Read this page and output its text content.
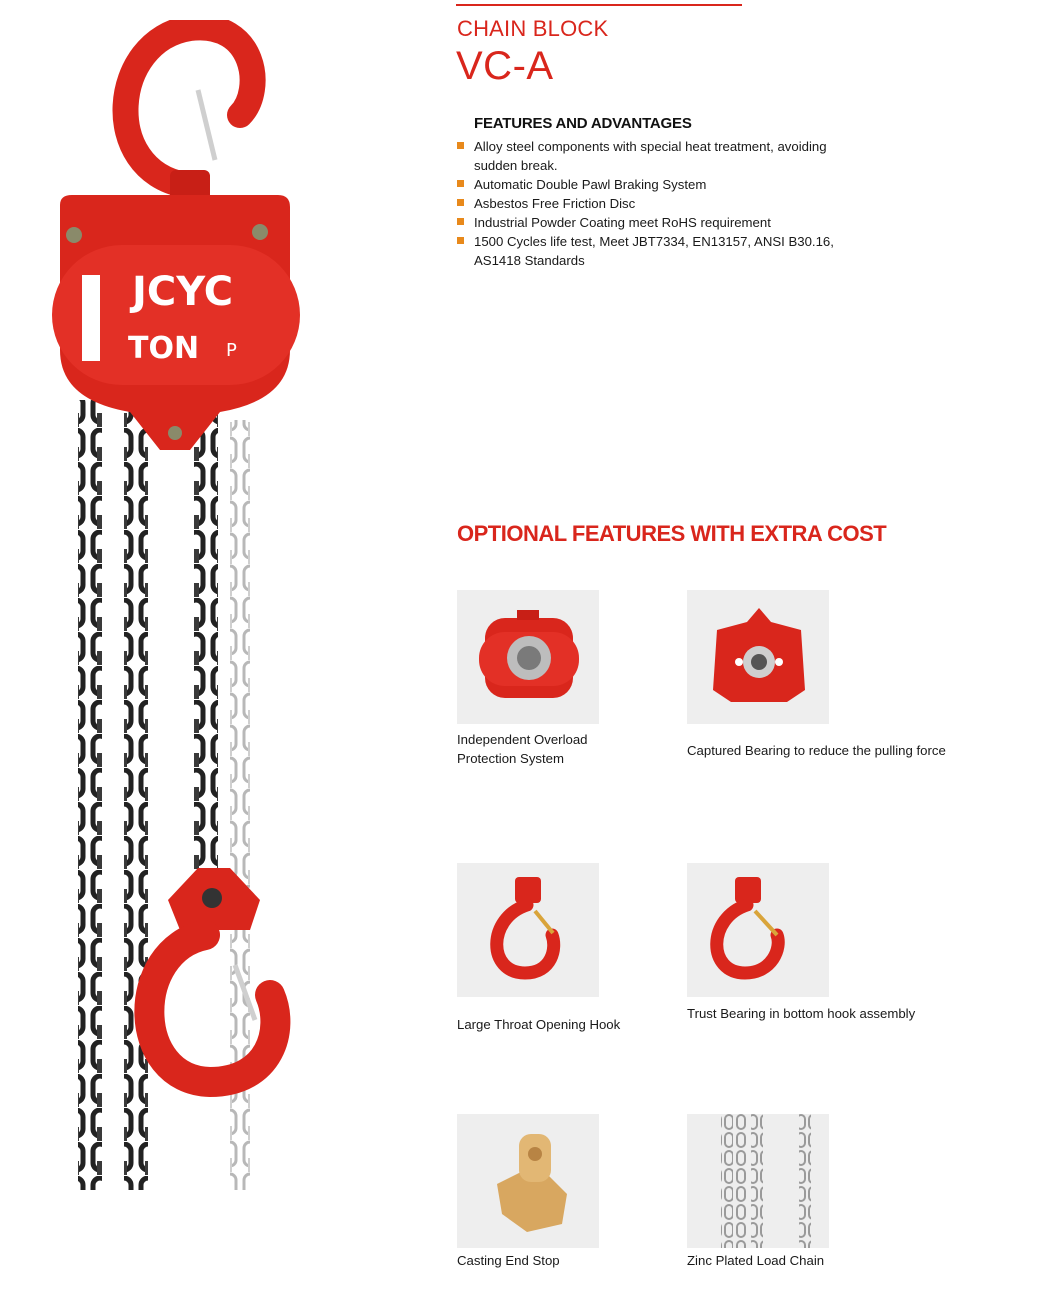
JCYC
TON P
CHAIN BLOCK
VC-A
FEATURES AND ADVANTAGES
Alloy steel components with special heat treatment, avoiding
sudden break.
Automatic Double Pawl Braking System
Asbestos Free Friction Disc
Industrial Powder Coating meet RoHS requirement
1500 Cycles life test, Meet JBT7334, EN13157, ANSI B30.16,
AS1418 Standards
OPTIONAL FEATURES WITH EXTRA COST
Independent Overload
Protection System
Captured Bearing to reduce the pulling force
Large Throat Opening Hook
Trust Bearing in bottom hook assembly
Casting End Stop	Zinc Plated Load Chain
